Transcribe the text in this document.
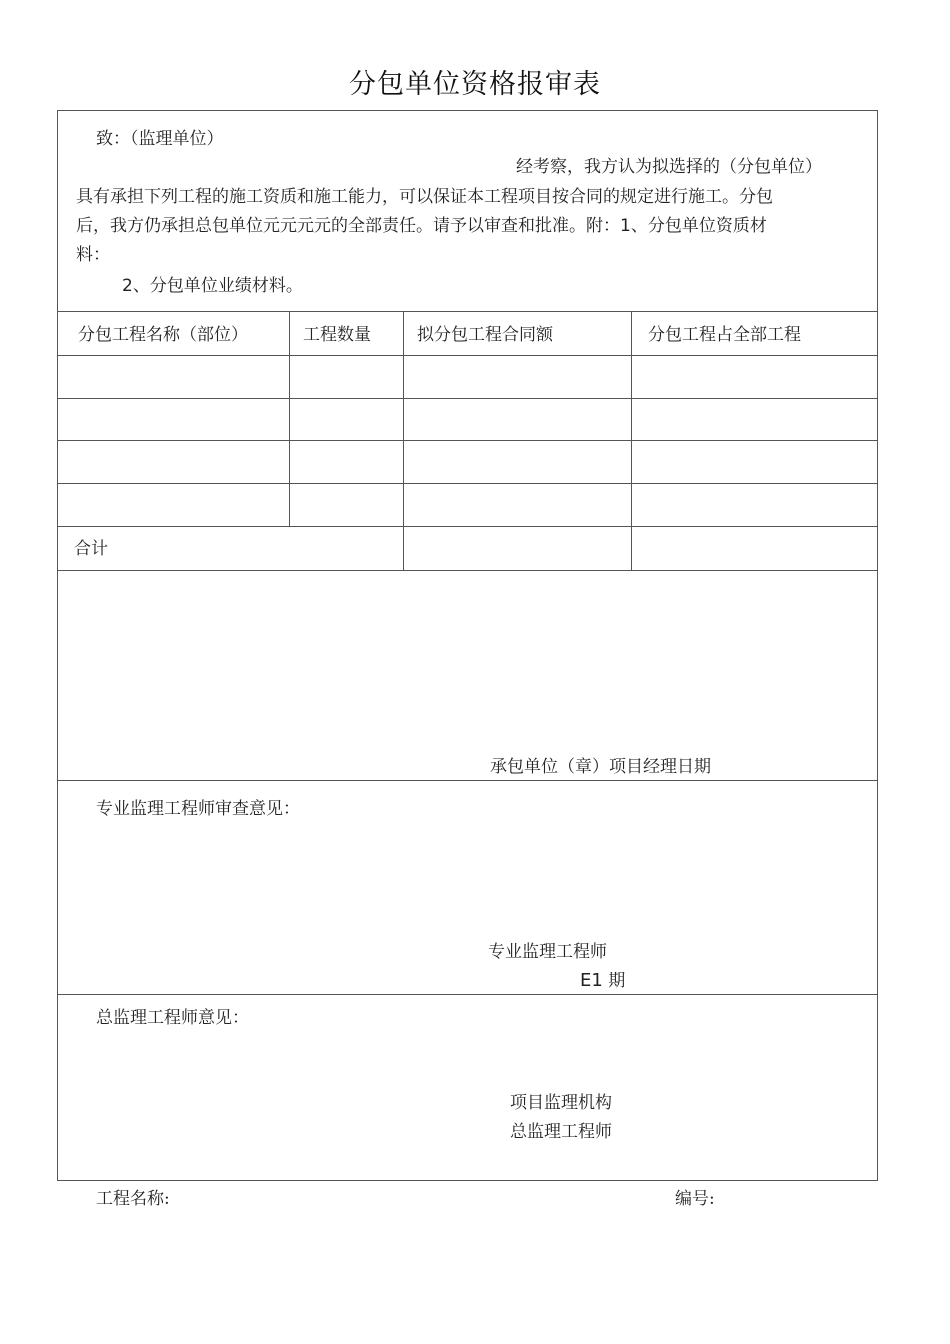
分包单位资格报审表
致：（监理单位）
经考察，我方认为拟选择的（分包单位）
具有承担下列工程的施工资质和施工能力，可以保证本工程项目按合同的规定进行施工。分包
后，我方仍承担总包单位元元元元的全部责任。请予以审查和批准。附：1、分包单位资质材
料：
2、分包单位业绩材料。
分包工程名称（部位）	工程数量	拟分包工程合同额	分包工程占全部工程
合计
承包单位（章）项目经理日期
专业监理工程师审查意见：
专业监理工程师
E1 期
总监理工程师意见：
项目监理机构
总监理工程师
工程名称:	编号:
